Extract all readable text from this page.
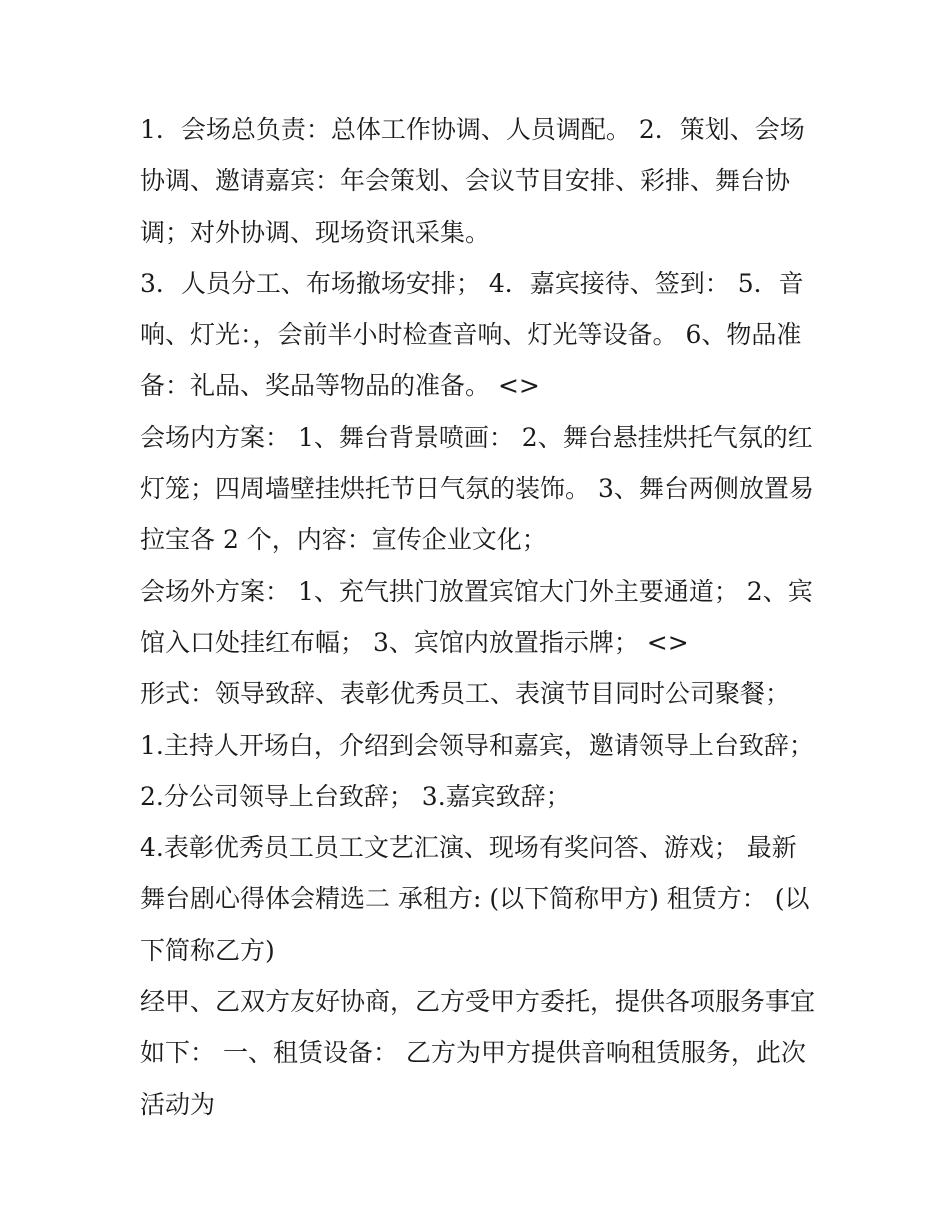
1．会场总负责：总体工作协调、人员调配。 2．策划、会场协调、邀请嘉宾：年会策划、会议节目安排、彩排、舞台协调；对外协调、现场资讯采集。

3．人员分工、布场撤场安排； 4．嘉宾接待、签到： 5．音响、灯光：，会前半小时检查音响、灯光等设备。 6、物品准备：礼品、奖品等物品的准备。 <>

会场内方案： 1、舞台背景喷画： 2、舞台悬挂烘托气氛的红灯笼；四周墙壁挂烘托节日气氛的装饰。 3、舞台两侧放置易拉宝各 2 个，内容：宣传企业文化；

会场外方案： 1、充气拱门放置宾馆大门外主要通道； 2、宾馆入口处挂红布幅； 3、宾馆内放置指示牌； <>

形式：领导致辞、表彰优秀员工、表演节目同时公司聚餐； 1.主持人开场白，介绍到会领导和嘉宾，邀请领导上台致辞； 2.分公司领导上台致辞； 3.嘉宾致辞；

4.表彰优秀员工员工文艺汇演、现场有奖问答、游戏； 最新舞台剧心得体会精选二 承租方: (以下简称甲方) 租赁方： (以下简称乙方)

经甲、乙双方友好协商，乙方受甲方委托，提供各项服务事宜如下： 一、租赁设备： 乙方为甲方提供音响租赁服务，此次活动为
